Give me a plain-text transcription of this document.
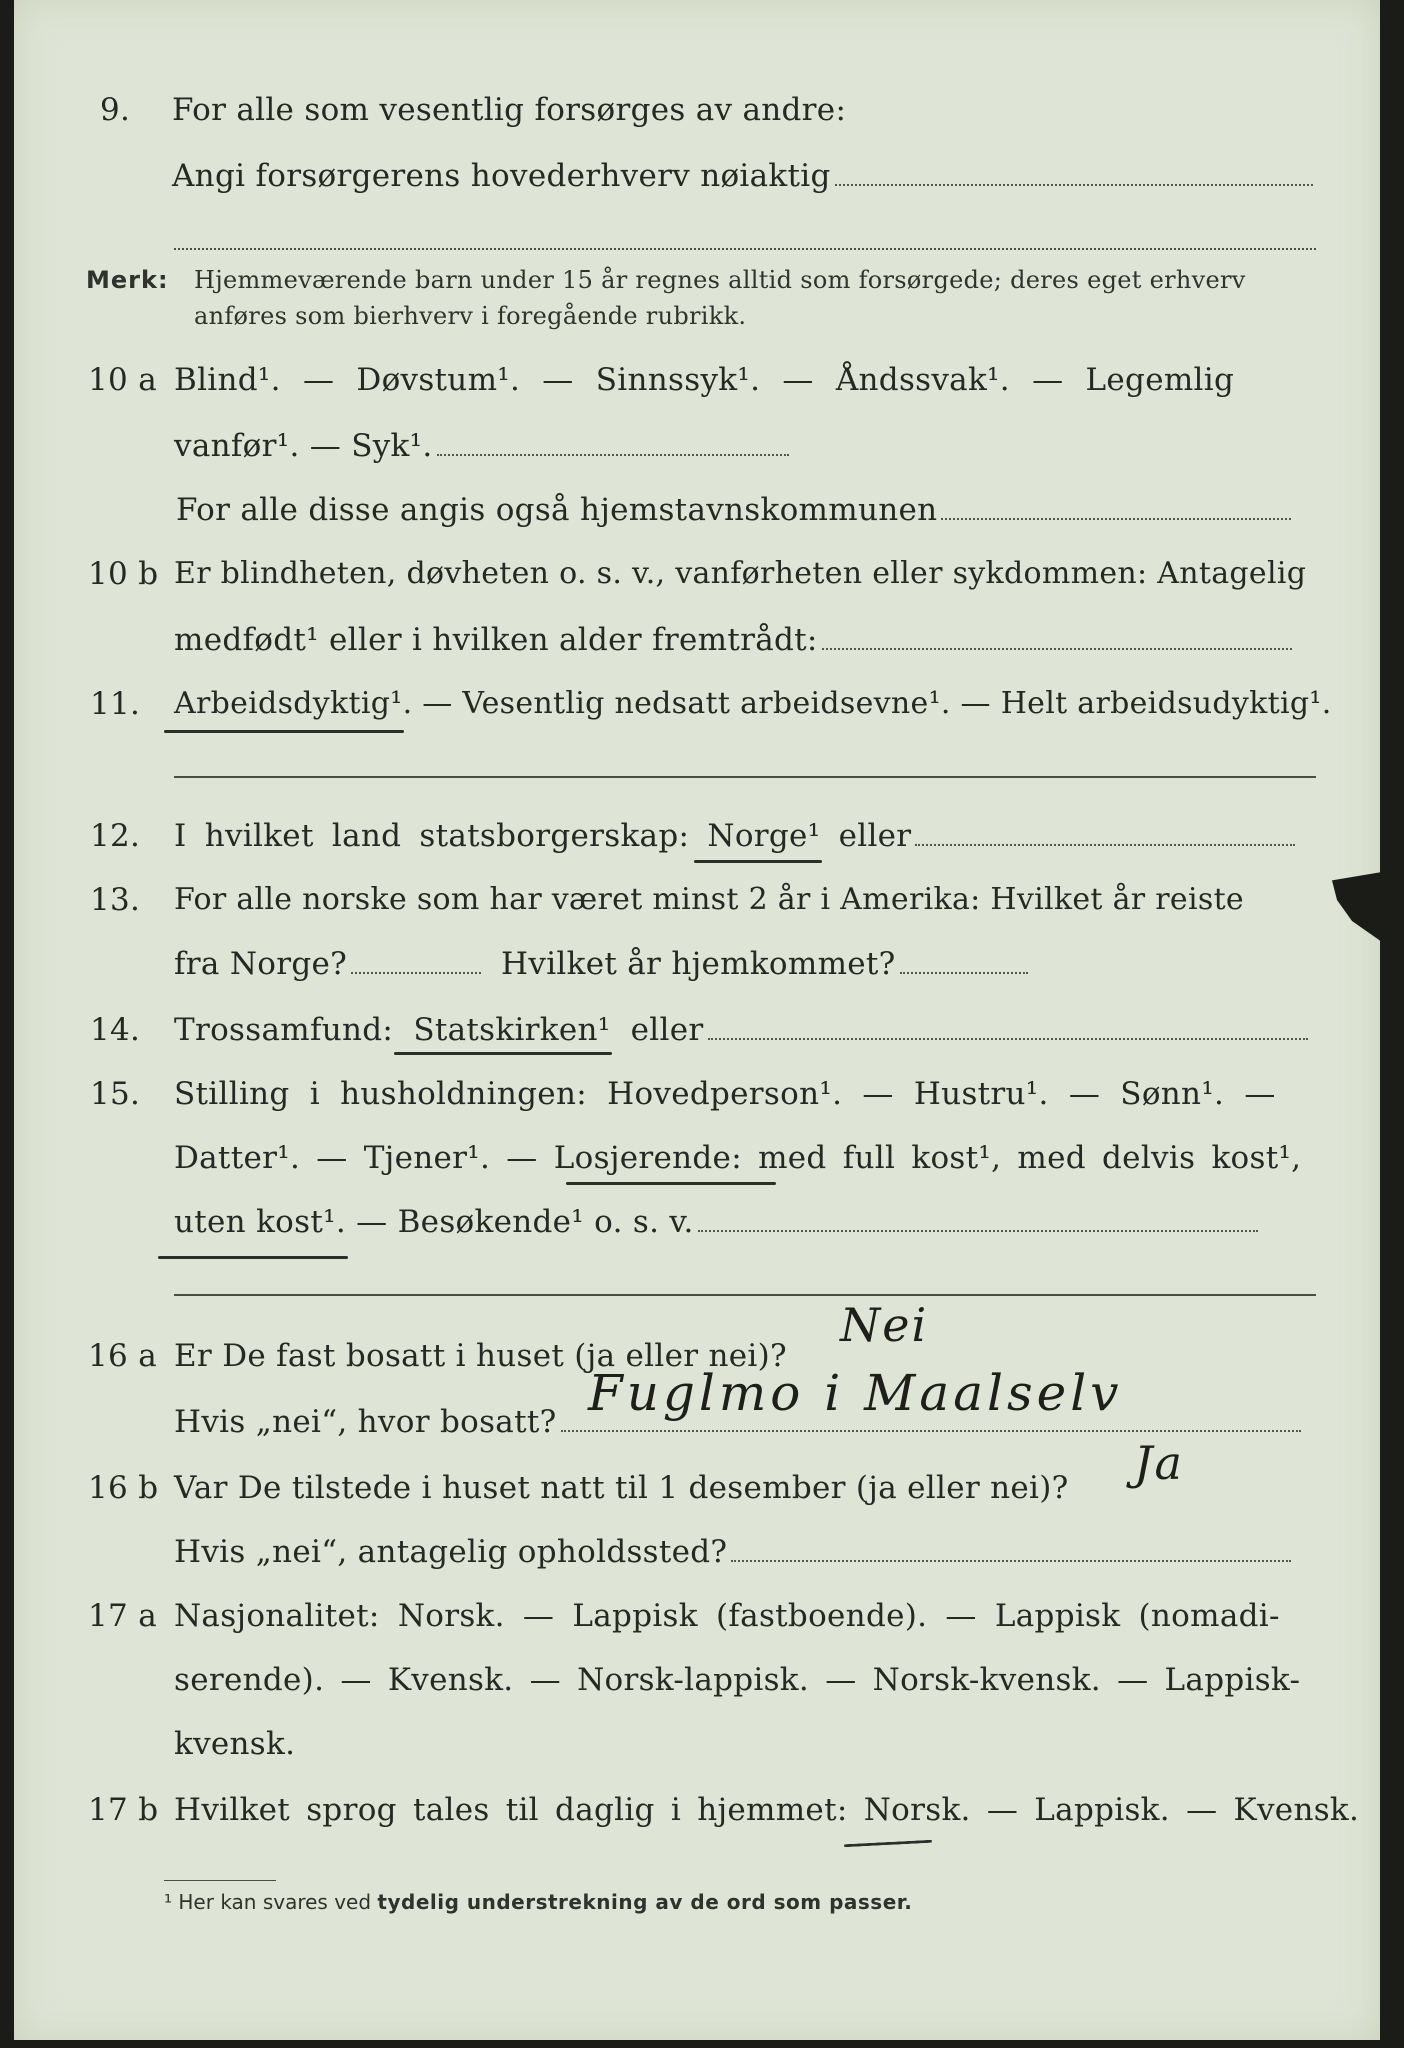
9. For alle som vesentlig forsørges av andre:
Angi forsørgerens hovederhverv nøiaktig
Merk: Hjemmeværende barn under 15 år regnes alltid som forsørgede; deres eget erhverv
anføres som bierhverv i foregående rubrikk.
10 a Blind¹. — Døvstum¹. — Sinnssyk¹. — Åndssvak¹. — Legemlig
vanfør¹. — Syk¹.
For alle disse angis også hjemstavnskommunen
10 b Er blindheten, døvheten o. s. v., vanførheten eller sykdommen: Antagelig
medfødt¹ eller i hvilken alder fremtrådt:
11. Arbeidsdyktig¹. — Vesentlig nedsatt arbeidsevne¹. — Helt arbeidsudyktig¹.
12. I hvilket land statsborgerskap: Norge¹ eller
13. For alle norske som har været minst 2 år i Amerika: Hvilket år reiste
fra Norge?	Hvilket år hjemkommet?
14. Trossamfund: Statskirken¹ eller
15. Stilling i husholdningen: Hovedperson¹. — Hustru¹. — Sønn¹. —
Datter¹. — Tjener¹. — Losjerende: med full kost¹, med delvis kost¹,
uten kost¹. — Besøkende¹ o. s. v.
16 a Er De fast bosatt i huset (ja eller nei)?
Nei
Hvis „nei“, hvor bosatt? Fuglmo i Maalselv
16 b Var De tilstede i huset natt til 1 desember (ja eller nei)? Ja
Hvis „nei“, antagelig opholdssted?
17 a Nasjonalitet: Norsk. — Lappisk (fastboende). — Lappisk (nomadi-
serende). — Kvensk. — Norsk-lappisk. — Norsk-kvensk. — Lappisk-
kvensk.
17 b Hvilket sprog tales til daglig i hjemmet: Norsk. — Lappisk. — Kvensk.
¹ Her kan svares ved tydelig understrekning av de ord som passer.
